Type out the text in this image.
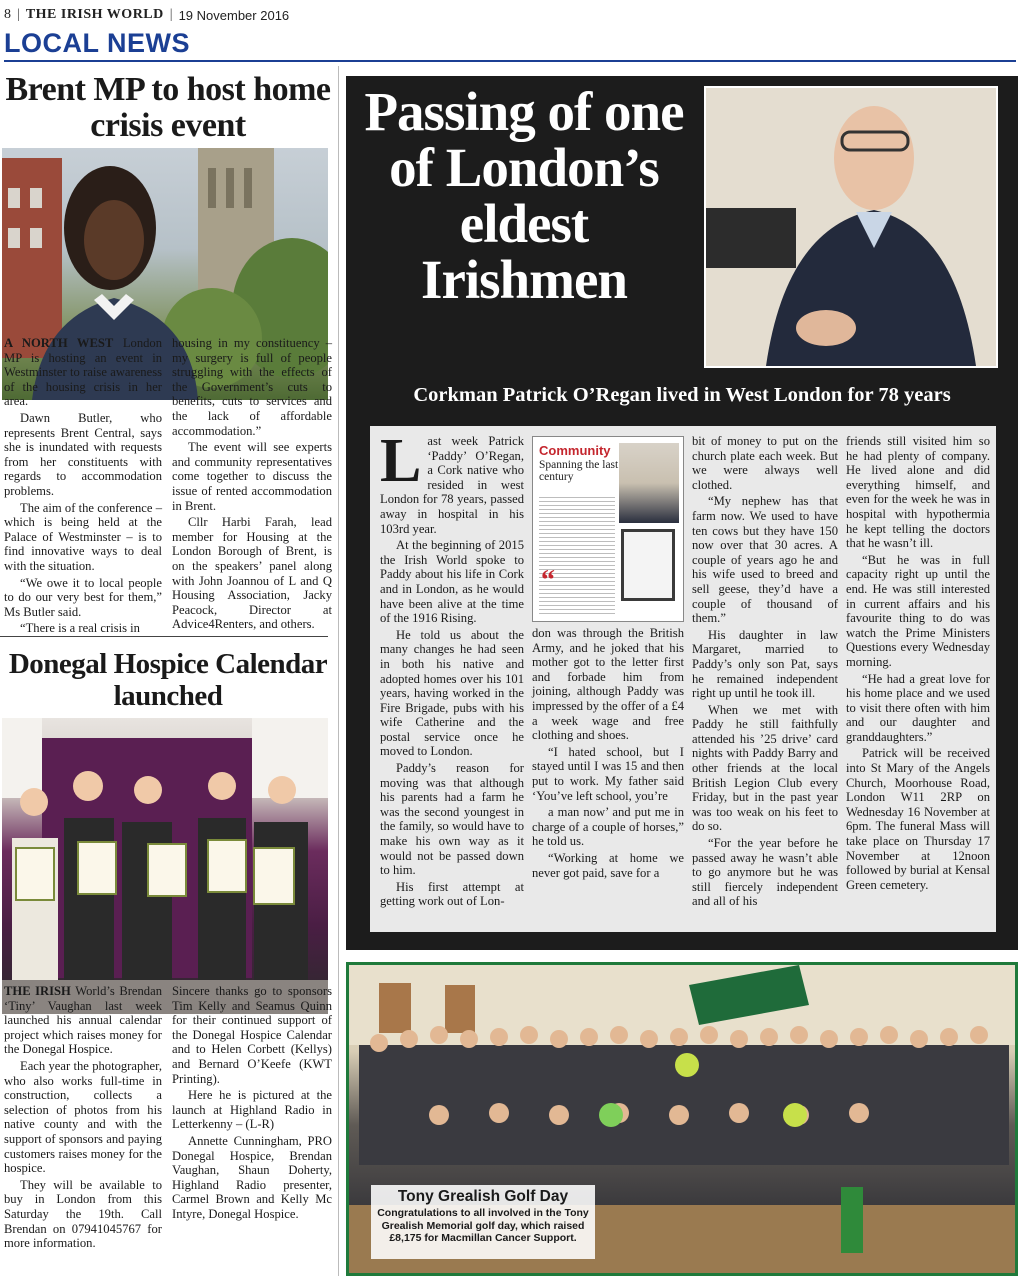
8 | THE IRISH WORLD | 19 November 2016
LOCAL NEWS
Brent MP to host home crisis event

A NORTH WEST London MP is hosting an event in Westminster to raise awareness of the housing crisis in her area.

Dawn Butler, who represents Brent Central, says she is inundated with requests from her constituents with regards to accommodation problems.

The aim of the conference – which is being held at the Palace of Westminster – is to find innovative ways to deal with the situation.

“We owe it to local people to do our very best for them,” Ms Butler said.

“There is a real crisis in

housing in my constituency – my surgery is full of people struggling with the effects of the Government’s cuts to benefits, cuts to services and the lack of affordable accommodation.”

The event will see experts and community representatives come together to discuss the issue of rented accommodation in Brent.

Cllr Harbi Farah, lead member for Housing at the London Borough of Brent, is on the speakers’ panel along with John Joannou of L and Q Housing Association, Jacky Peacock, Director at Advice4Renters, and others.

Donegal Hospice Calendar launched

THE IRISH World’s Brendan ‘Tiny’ Vaughan last week launched his annual calendar project which raises money for the Donegal Hospice.

Each year the photographer, who also works full-time in construction, collects a selection of photos from his native county and with the support of sponsors and paying customers raises money for the hospice.

They will be available to buy in London from this Saturday the 19th. Call Brendan on 07941045767 for more information.

Sincere thanks go to sponsors Tim Kelly and Seamus Quinn for their continued support of the Donegal Hospice Calendar and to Helen Corbett (Kellys) and Bernard O’Keefe (KWT Printing).

Here he is pictured at the launch at Highland Radio in Letterkenny – (L-R)

Annette Cunningham, PRO Donegal Hospice, Brendan Vaughan, Shaun Doherty, Highland Radio presenter, Carmel Brown and Kelly Mc Intyre, Donegal Hospice.

Passing of one of London’s eldest Irishmen
Corkman Patrick O’Regan lived in West London for 78 years

Last week Patrick ‘Paddy’ O’Regan, a Cork native who resided in west London for 78 years, passed away in hospital in his 103rd year.

At the beginning of 2015 the Irish World spoke to Paddy about his life in Cork and in London, as he would have been alive at the time of the 1916 Rising.

He told us about the many changes he had seen in both his native and adopted homes over his 101 years, having worked in the Fire Brigade, pubs with his wife Catherine and the postal service once he moved to London.

Paddy’s reason for moving was that although his parents had a farm he was the second youngest in the family, so would have to make his own way as it would not be passed down to him.

His first attempt at getting work out of Lon-

Community
Spanning the last century
“

don was through the British Army, and he joked that his mother got to the letter first and forbade him from joining, although Paddy was impressed by the offer of a £4 a week wage and free clothing and shoes.

“I hated school, but I stayed until I was 15 and then put to work. My father said ‘You’ve left school, you’re

a man now’ and put me in charge of a couple of horses,” he told us.

“Working at home we never got paid, save for a

bit of money to put on the church plate each week. But we were always well clothed.

“My nephew has that farm now. We used to have ten cows but they have 150 now over that 30 acres. A couple of years ago he and his wife used to breed and sell geese, they’d have a couple of thousand of them.”

His daughter in law Margaret, married to Paddy’s only son Pat, says he remained independent right up until he took ill.

When we met with Paddy he still faithfully attended his ’25 drive’ card nights with Paddy Barry and other friends at the local British Legion Club every Friday, but in the past year was too weak on his feet to do so.

“For the year before he passed away he wasn’t able to go anymore but he was still fiercely independent and all of his

friends still visited him so he had plenty of company. He lived alone and did everything himself, and even for the week he was in hospital with hypothermia he kept telling the doctors that he wasn’t ill.

“But he was in full capacity right up until the end. He was still interested in current affairs and his favourite thing to do was watch the Prime Ministers Questions every Wednesday morning.

“He had a great love for his home place and we used to visit there often with him and our daughter and granddaughters.”

Patrick will be received into St Mary of the Angels Church, Moorhouse Road, London W11 2RP on Wednesday 16 November at 6pm. The funeral Mass will take place on Thursday 17 November at 12noon followed by burial at Kensal Green cemetery.

Tony Grealish Golf Day
Congratulations to all involved in the Tony Grealish Memorial golf day, which raised £8,175 for Macmillan Cancer Support.
